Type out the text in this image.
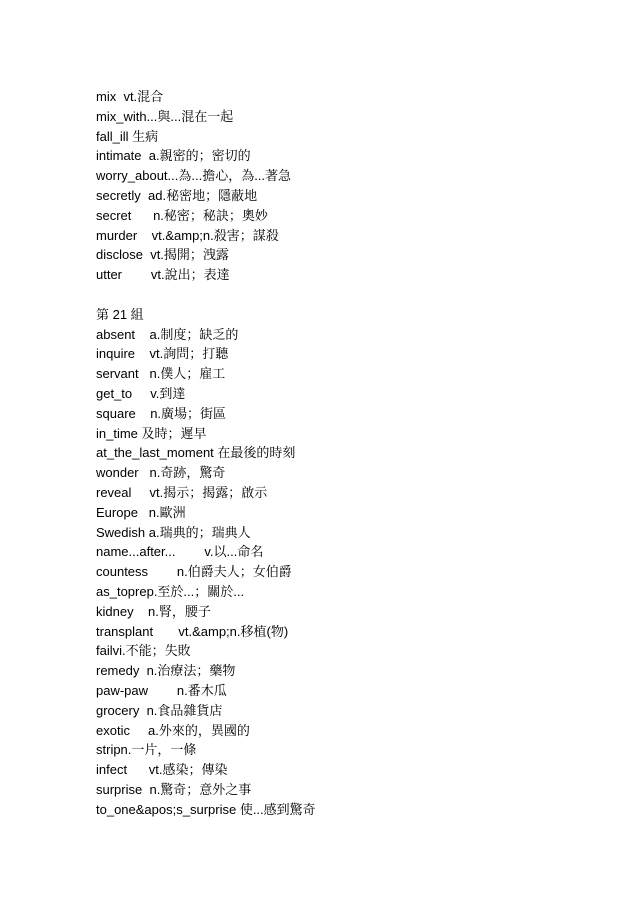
mix  vt.混合
mix_with...與...混在一起
fall_ill 生病
intimate  a.親密的；密切的
worry_about...為...擔心，為...著急
secretly  ad.秘密地；隱蔽地
secret      n.秘密；秘訣；奧妙
murder    vt.&amp;n.殺害；謀殺
disclose  vt.揭開；洩露
utter        vt.說出；表達
第 21 組
absent    a.制度；缺乏的
inquire    vt.詢問；打聽
servant   n.僕人；雇工
get_to     v.到達
square    n.廣場；街區
in_time 及時；遲早
at_the_last_moment 在最後的時刻
wonder   n.奇跡，驚奇
reveal     vt.揭示；揭露；啟示
Europe   n.歐洲
Swedish a.瑞典的；瑞典人
name...after...        v.以...命名
countess        n.伯爵夫人；女伯爵
as_toprep.至於...；關於...
kidney    n.腎，腰子
transplant       vt.&amp;n.移植(物)
failvi.不能；失敗
remedy  n.治療法；藥物
paw-paw        n.番木瓜
grocery  n.食品雜貨店
exotic     a.外來的，異國的
stripn.一片，一條
infect      vt.感染；傳染
surprise  n.驚奇；意外之事
to_one&apos;s_surprise 使...感到驚奇
